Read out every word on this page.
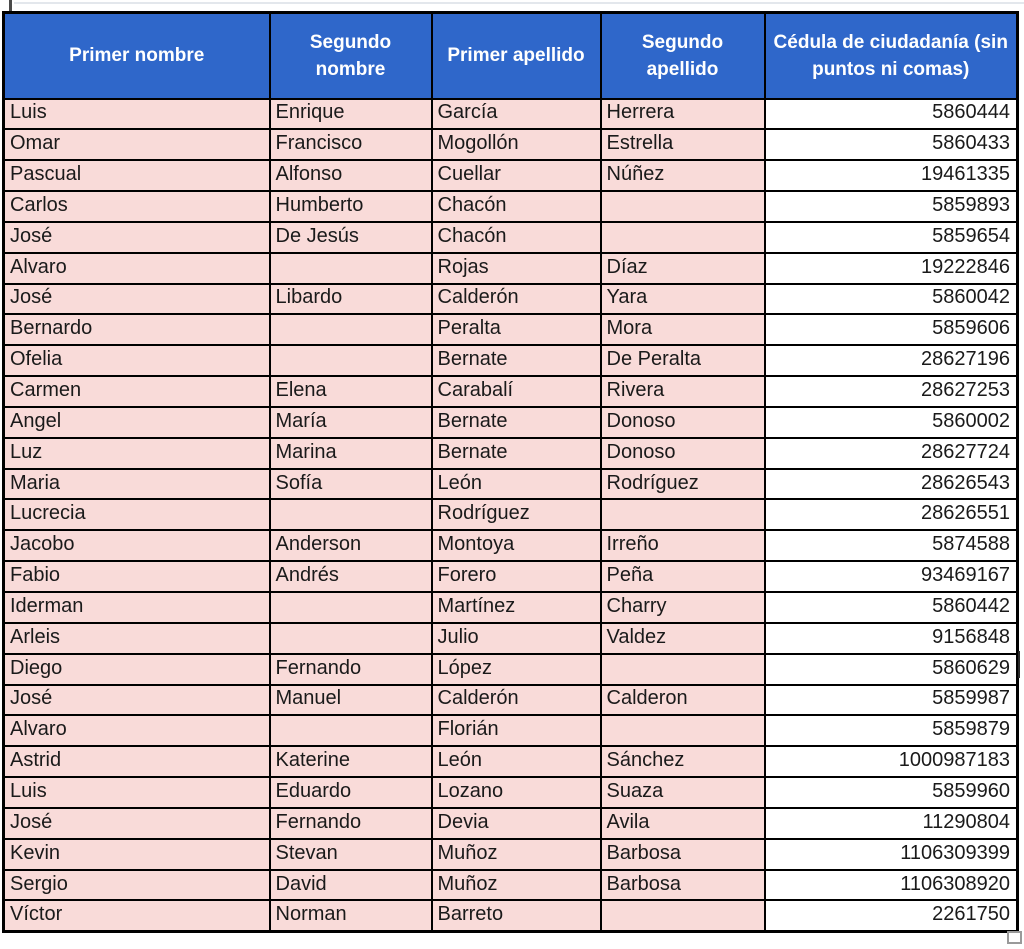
Primer nombre	Segundo nombre	Primer apellido	Segundo apellido	Cédula de ciudadanía (sin puntos ni comas)
Luis	Enrique	García	Herrera	5860444
Omar	Francisco	Mogollón	Estrella	5860433
Pascual	Alfonso	Cuellar	Núñez	19461335
Carlos	Humberto	Chacón		5859893
José	De Jesús	Chacón		5859654
Alvaro		Rojas	Díaz	19222846
José	Libardo	Calderón	Yara	5860042
Bernardo		Peralta	Mora	5859606
Ofelia		Bernate	De Peralta	28627196
Carmen	Elena	Carabalí	Rivera	28627253
Angel	María	Bernate	Donoso	5860002
Luz	Marina	Bernate	Donoso	28627724
Maria	Sofía	León	Rodríguez	28626543
Lucrecia		Rodríguez		28626551
Jacobo	Anderson	Montoya	Irreño	5874588
Fabio	Andrés	Forero	Peña	93469167
Iderman		Martínez	Charry	5860442
Arleis		Julio	Valdez	9156848
Diego	Fernando	López		5860629
José	Manuel	Calderón	Calderon	5859987
Alvaro		Florián		5859879
Astrid	Katerine	León	Sánchez	1000987183
Luis	Eduardo	Lozano	Suaza	5859960
José	Fernando	Devia	Avila	11290804
Kevin	Stevan	Muñoz	Barbosa	1106309399
Sergio	David	Muñoz	Barbosa	1106308920
Víctor	Norman	Barreto		2261750
